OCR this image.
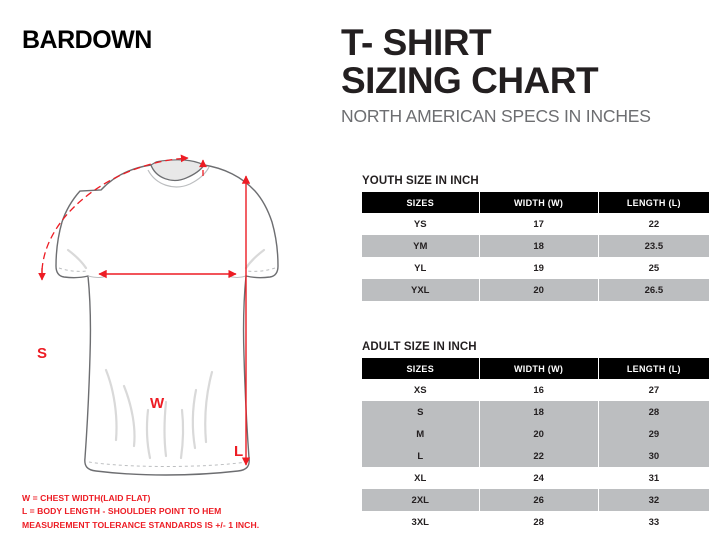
BARDOWN	T- SHIRT
SIZING CHART
NORTH AMERICAN SPECS IN INCHES
S
W
L
YOUTH SIZE IN INCH
SIZES	WIDTH (W)	LENGTH (L)
YS	17	22
YM	18	23.5
YL	19	25
YXL	20	26.5
ADULT SIZE IN INCH
SIZES	WIDTH (W)	LENGTH (L)
XS	16	27
S	18	28
M	20	29
L	22	30
XL	24	31
2XL	26	32
3XL	28	33
W = CHEST WIDTH(LAID FLAT)
L = BODY LENGTH - SHOULDER POINT TO HEM
MEASUREMENT TOLERANCE STANDARDS IS +/- 1 INCH.
